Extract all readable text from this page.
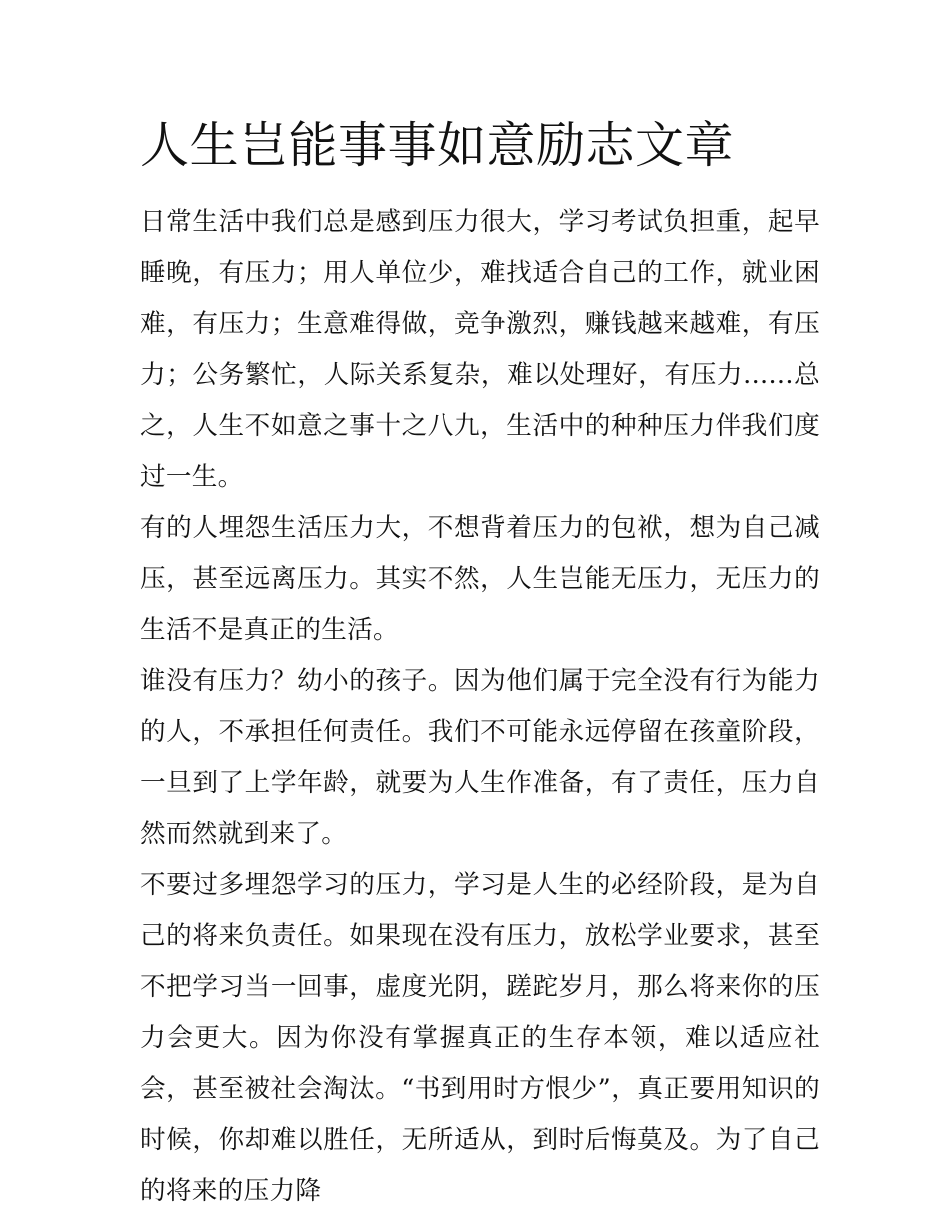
人生岂能事事如意励志文章

日常生活中我们总是感到压力很大，学习考试负担重，起早睡晚，有压力；用人单位少，难找适合自己的工作，就业困难，有压力；生意难得做，竞争激烈，赚钱越来越难，有压力；公务繁忙，人际关系复杂，难以处理好，有压力......总之，人生不如意之事十之八九，生活中的种种压力伴我们度过一生。

有的人埋怨生活压力大，不想背着压力的包袱，想为自己减压，甚至远离压力。其实不然，人生岂能无压力，无压力的生活不是真正的生活。

谁没有压力？幼小的孩子。因为他们属于完全没有行为能力的人，不承担任何责任。我们不可能永远停留在孩童阶段，一旦到了上学年龄，就要为人生作准备，有了责任，压力自然而然就到来了。

不要过多埋怨学习的压力，学习是人生的必经阶段，是为自己的将来负责任。如果现在没有压力，放松学业要求，甚至不把学习当一回事，虚度光阴，蹉跎岁月，那么将来你的压力会更大。因为你没有掌握真正的生存本领，难以适应社会，甚至被社会淘汰。“书到用时方恨少”，真正要用知识的时候，你却难以胜任，无所适从，到时后悔莫及。为了自己的将来的压力降
